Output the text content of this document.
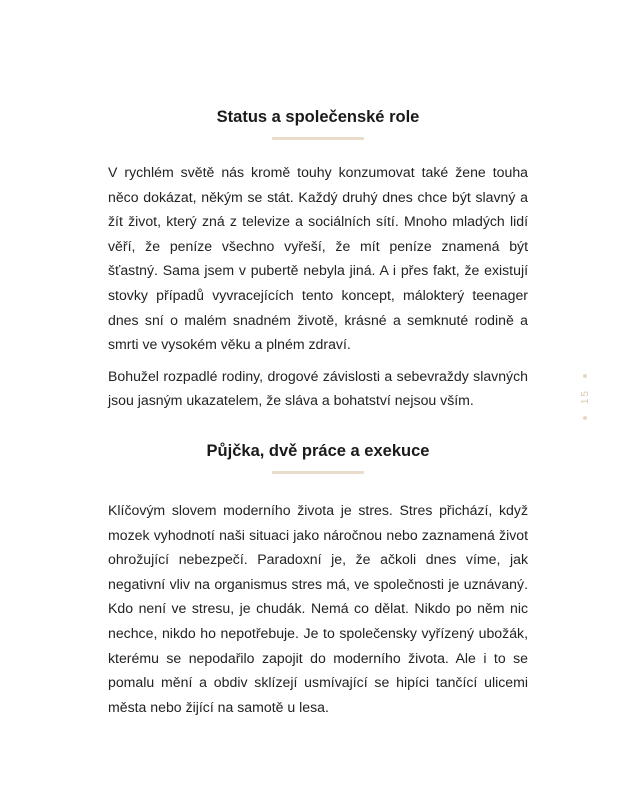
Status a společenské role

V rychlém světě nás kromě touhy konzumovat také žene touha něco dokázat, někým se stát. Každý druhý dnes chce být slavný a žít život, který zná z televize a sociálních sítí. Mnoho mladých lidí věří, že peníze všechno vyřeší, že mít peníze znamená být šťastný. Sama jsem v pubertě nebyla jiná. A i přes fakt, že existují stovky případů vyvracejících tento koncept, málokterý teenager dnes sní o malém snadném životě, krásné a semknuté rodině a smrti ve vysokém věku a plném zdraví.

Bohužel rozpadlé rodiny, drogové závislosti a sebevraždy slavných jsou jasným ukazatelem, že sláva a bohatství nejsou vším.

Půjčka, dvě práce a exekuce

Klíčovým slovem moderního života je stres. Stres přichází, když mozek vyhodnotí naši situaci jako náročnou nebo zaznamená život ohrožující nebezpečí. Paradoxní je, že ačkoli dnes víme, jak negativní vliv na organismus stres má, ve společnosti je uznávaný. Kdo není ve stresu, je chudák. Nemá co dělat. Nikdo po něm nic nechce, nikdo ho nepotřebuje. Je to společensky vyřízený ubožák, kterému se nepodařilo zapojit do moderního života. Ale i to se pomalu mění a obdiv sklízejí usmívající se hipíci tančící ulicemi města nebo žijící na samotě u lesa.

15
